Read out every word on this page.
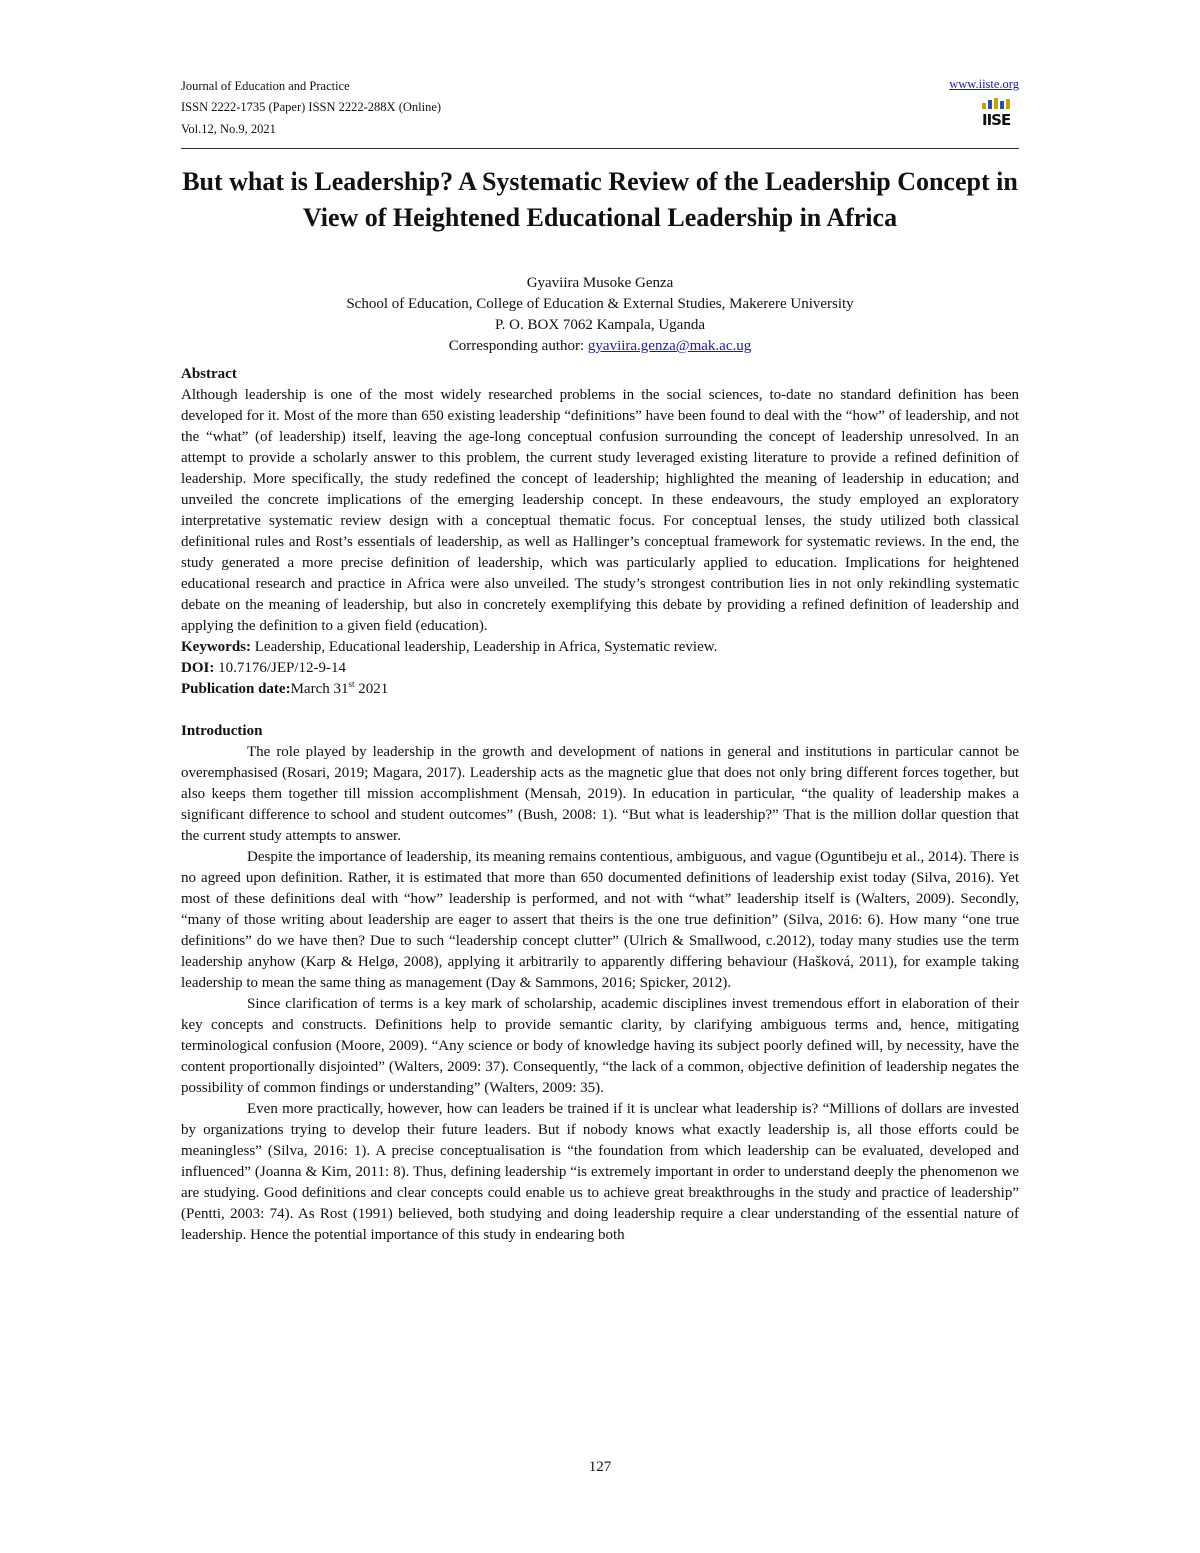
Journal of Education and Practice
ISSN 2222-1735 (Paper) ISSN 2222-288X (Online)
Vol.12, No.9, 2021
www.iiste.org
IISE
But what is Leadership? A Systematic Review of the Leadership Concept in View of Heightened Educational Leadership in Africa
Gyaviira Musoke Genza
School of Education, College of Education & External Studies, Makerere University
P. O. BOX 7062 Kampala, Uganda
Corresponding author: gyaviira.genza@mak.ac.ug

Abstract

Although leadership is one of the most widely researched problems in the social sciences, to-date no standard definition has been developed for it. Most of the more than 650 existing leadership “definitions” have been found to deal with the “how” of leadership, and not the “what” (of leadership) itself, leaving the age-long conceptual confusion surrounding the concept of leadership unresolved. In an attempt to provide a scholarly answer to this problem, the current study leveraged existing literature to provide a refined definition of leadership. More specifically, the study redefined the concept of leadership; highlighted the meaning of leadership in education; and unveiled the concrete implications of the emerging leadership concept. In these endeavours, the study employed an exploratory interpretative systematic review design with a conceptual thematic focus. For conceptual lenses, the study utilized both classical definitional rules and Rost’s essentials of leadership, as well as Hallinger’s conceptual framework for systematic reviews. In the end, the study generated a more precise definition of leadership, which was particularly applied to education. Implications for heightened educational research and practice in Africa were also unveiled. The study’s strongest contribution lies in not only rekindling systematic debate on the meaning of leadership, but also in concretely exemplifying this debate by providing a refined definition of leadership and applying the definition to a given field (education).

Keywords: Leadership, Educational leadership, Leadership in Africa, Systematic review.

DOI: 10.7176/JEP/12-9-14

Publication date:March 31st 2021

Introduction

The role played by leadership in the growth and development of nations in general and institutions in particular cannot be overemphasised (Rosari, 2019; Magara, 2017). Leadership acts as the magnetic glue that does not only bring different forces together, but also keeps them together till mission accomplishment (Mensah, 2019). In education in particular, “the quality of leadership makes a significant difference to school and student outcomes” (Bush, 2008: 1). “But what is leadership?” That is the million dollar question that the current study attempts to answer.

Despite the importance of leadership, its meaning remains contentious, ambiguous, and vague (Oguntibeju et al., 2014). There is no agreed upon definition. Rather, it is estimated that more than 650 documented definitions of leadership exist today (Silva, 2016). Yet most of these definitions deal with “how” leadership is performed, and not with “what” leadership itself is (Walters, 2009). Secondly, “many of those writing about leadership are eager to assert that theirs is the one true definition” (Silva, 2016: 6). How many “one true definitions” do we have then? Due to such “leadership concept clutter” (Ulrich & Smallwood, c.2012), today many studies use the term leadership anyhow (Karp & Helgø, 2008), applying it arbitrarily to apparently differing behaviour (Hašková, 2011), for example taking leadership to mean the same thing as management (Day & Sammons, 2016; Spicker, 2012).

Since clarification of terms is a key mark of scholarship, academic disciplines invest tremendous effort in elaboration of their key concepts and constructs. Definitions help to provide semantic clarity, by clarifying ambiguous terms and, hence, mitigating terminological confusion (Moore, 2009). “Any science or body of knowledge having its subject poorly defined will, by necessity, have the content proportionally disjointed” (Walters, 2009: 37). Consequently, “the lack of a common, objective definition of leadership negates the possibility of common findings or understanding” (Walters, 2009: 35).

Even more practically, however, how can leaders be trained if it is unclear what leadership is? “Millions of dollars are invested by organizations trying to develop their future leaders. But if nobody knows what exactly leadership is, all those efforts could be meaningless” (Silva, 2016: 1). A precise conceptualisation is “the foundation from which leadership can be evaluated, developed and influenced” (Joanna & Kim, 2011: 8). Thus, defining leadership “is extremely important in order to understand deeply the phenomenon we are studying. Good definitions and clear concepts could enable us to achieve great breakthroughs in the study and practice of leadership” (Pentti, 2003: 74). As Rost (1991) believed, both studying and doing leadership require a clear understanding of the essential nature of leadership. Hence the potential importance of this study in endearing both

127
